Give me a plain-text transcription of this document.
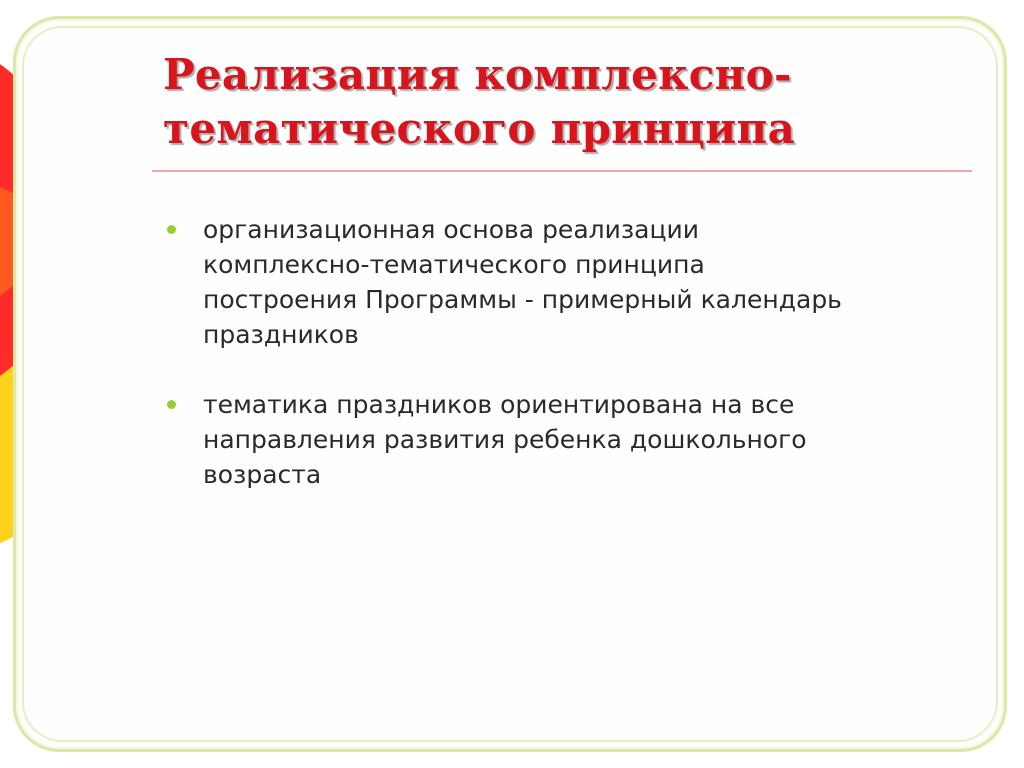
Реализация комплексно-
тематического принципа
организационная основа реализации
комплексно-тематического принципа
построения Программы - примерный календарь
праздников
тематика праздников ориентирована на все
направления развития ребенка дошкольного
возраста
